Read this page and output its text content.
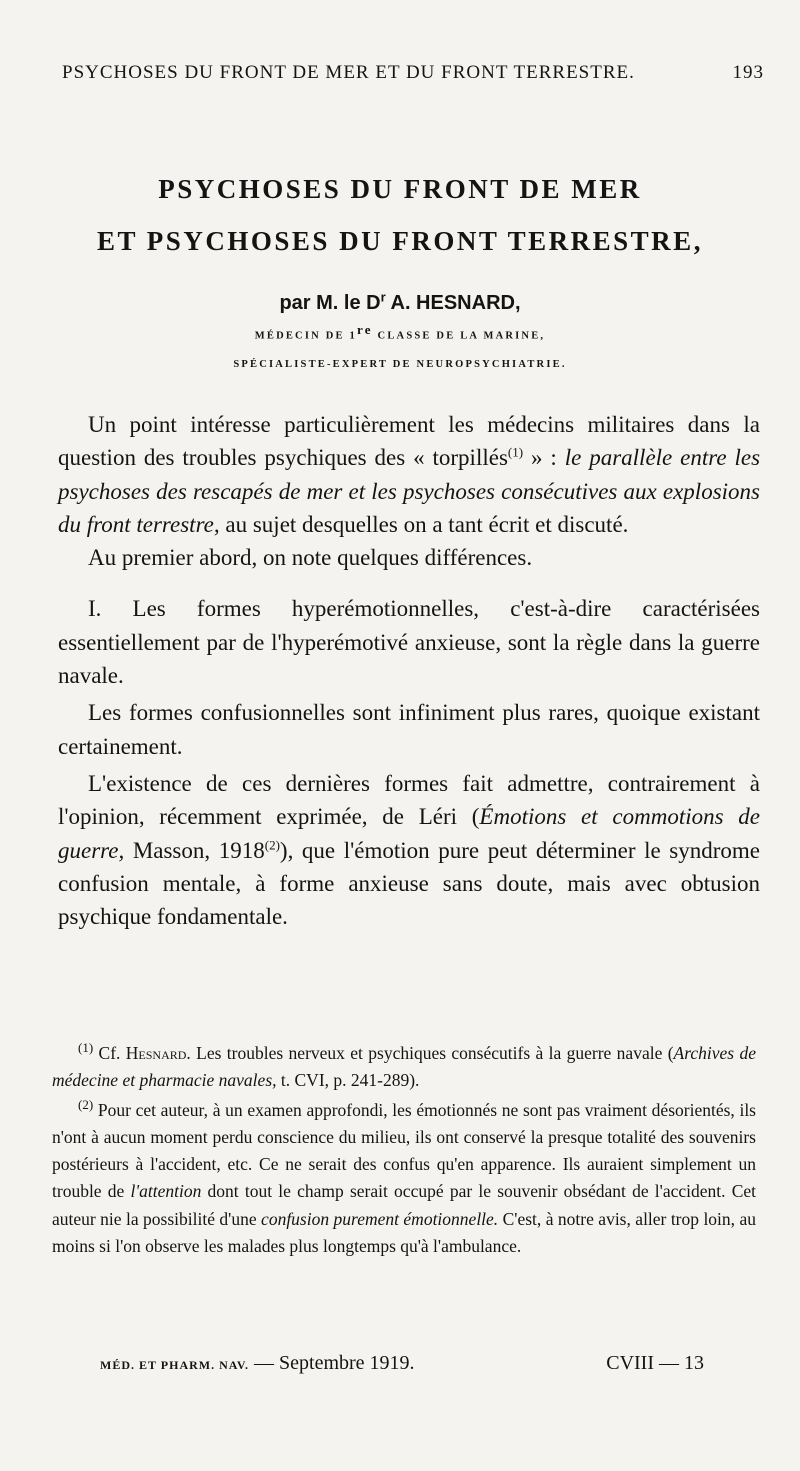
PSYCHOSES DU FRONT DE MER ET DU FRONT TERRESTRE.	193
PSYCHOSES DU FRONT DE MER
ET PSYCHOSES DU FRONT TERRESTRE,
par M. le $D^r$ A. HESNARD,
MÉDECIN DE 1re CLASSE DE LA MARINE,
SPÉCIALISTE-EXPERT DE NEUROPSYCHIATRIE.

Un point intéresse particulièrement les médecins militaires dans la question des troubles psychiques des « torpillés$^{(1)}$ » : le parallèle entre les psychoses des rescapés de mer et les psychoses consécutives aux explosions du front terrestre, au sujet desquelles on a tant écrit et discuté.

Au premier abord, on note quelques différences.

I. Les formes hyperémotionnelles, c'est-à-dire caractérisées essentiellement par de l'hyperémotivé anxieuse, sont la règle dans la guerre navale.

Les formes confusionnelles sont infiniment plus rares, quoique existant certainement.

L'existence de ces dernières formes fait admettre, contrairement à l'opinion, récemment exprimée, de Léri (Émotions et commotions de guerre, Masson, 1918$^{(2)}$), que l'émotion pure peut déterminer le syndrome confusion mentale, à forme anxieuse sans doute, mais avec obtusion psychique fondamentale.

$^{(1)}$ Cf. Hesnard. Les troubles nerveux et psychiques consécutifs à la guerre navale (Archives de médecine et pharmacie navales, t. CVI, p. 241-289).

$^{(2)}$ Pour cet auteur, à un examen approfondi, les émotionnés ne sont pas vraiment désorientés, ils n'ont à aucun moment perdu conscience du milieu, ils ont conservé la presque totalité des souvenirs postérieurs à l'accident, etc. Ce ne serait des confus qu'en apparence. Ils auraient simplement un trouble de l'attention dont tout le champ serait occupé par le souvenir obsédant de l'accident. Cet auteur nie la possibilité d'une confusion purement émotionnelle. C'est, à notre avis, aller trop loin, au moins si l'on observe les malades plus longtemps qu'à l'ambulance.

MÉD. ET PHARM. NAV. — Septembre 1919.	CVIII — 13
